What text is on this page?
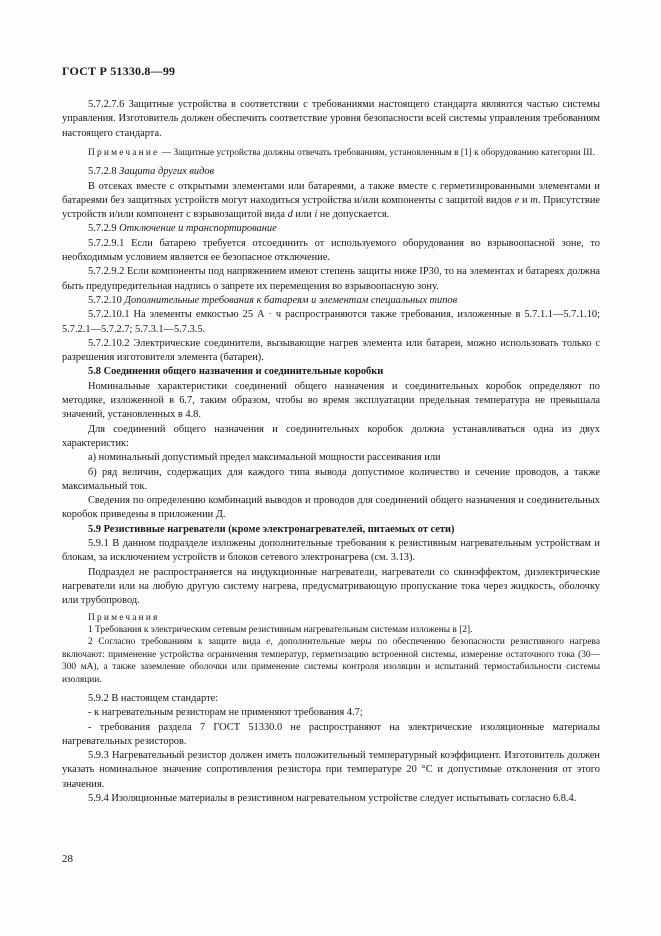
ГОСТ Р 51330.8—99

5.7.2.7.6 Защитные устройства в соответствии с требованиями настоящего стандарта являются частью системы управления. Изготовитель должен обеспечить соответствие уровня безопасности всей системы управления требованиям настоящего стандарта.

Примечание — Защитные устройства должны отвечать требованиям, установленным в [1] к оборудованию категории III.

5.7.2.8 Защита других видов

В отсеках вместе с открытыми элементами или батареями, а также вместе с герметизированными элементами и батареями без защитных устройств могут находиться устройства и/или компоненты с защитой видов e и m. Присутствие устройств и/или компонент с взрывозащитой вида d или i не допускается.

5.7.2.9 Отключение и транспортирование

5.7.2.9.1 Если батарею требуется отсоединить от используемого оборудования во взрывоопасной зоне, то необходимым условием является ее безопасное отключение.

5.7.2.9.2 Если компоненты под напряжением имеют степень защиты ниже IP30, то на элементах и батареях должна быть предупредительная надпись о запрете их перемещения во взрывоопасную зону.

5.7.2.10 Дополнительные требования к батареям и элементам специальных типов

5.7.2.10.1 На элементы емкостью 25 А · ч распространяются также требования, изложенные в 5.7.1.1—5.7.1.10; 5.7.2.1—5.7.2.7; 5.7.3.1—5.7.3.5.

5.7.2.10.2 Электрические соединители, вызывающие нагрев элемента или батареи, можно использовать только с разрешения изготовителя элемента (батареи).

5.8 Соединения общего назначения и соединительные коробки

Номинальные характеристики соединений общего назначения и соединительных коробок определяют по методике, изложенной в 6.7, таким образом, чтобы во время эксплуатации предельная температура не превышала значений, установленных в 4.8.

Для соединений общего назначения и соединительных коробок должна устанавливаться одна из двух характеристик:

а) номинальный допустимый предел максимальной мощности рассеивания или

б) ряд величин, содержащих для каждого типа вывода допустимое количество и сечение проводов, а также максимальный ток.

Сведения по определению комбинаций выводов и проводов для соединений общего назначения и соединительных коробок приведены в приложении Д.

5.9 Резистивные нагреватели (кроме электронагревателей, питаемых от сети)

5.9.1 В данном подразделе изложены дополнительные требования к резистивным нагревательным устройствам и блокам, за исключением устройств и блоков сетевого электронагрева (см. 3.13).

Подраздел не распространяется на индукционные нагреватели, нагреватели со скинэффектом, диэлектрические нагреватели или на любую другую систему нагрева, предусматривающую пропускание тока через жидкость, оболочку или трубопровод.

Примечания

1 Требования к электрическим сетевым резистивным нагревательным системам изложены в [2].

2 Согласно требованиям к защите вида e, дополнительные меры по обеспечению безопасности резистивного нагрева включают: применение устройства ограничения температур, герметизацию встроенной системы, измерение остаточного тока (30—300 мА), а также заземление оболочки или применение системы контроля изоляции и испытаний термостабильности системы изоляции.

5.9.2 В настоящем стандарте:

- к нагревательным резисторам не применяют требования 4.7;

- требования раздела 7 ГОСТ 51330.0 не распространяют на электрические изоляционные материалы нагревательных резисторов.

5.9.3 Нагревательный резистор должен иметь положительный температурный коэффициент. Изготовитель должен указать номинальное значение сопротивления резистора при температуре 20 °С и допустимые отклонения от этого значения.

5.9.4 Изоляционные материалы в резистивном нагревательном устройстве следует испытывать согласно 6.8.4.

28
